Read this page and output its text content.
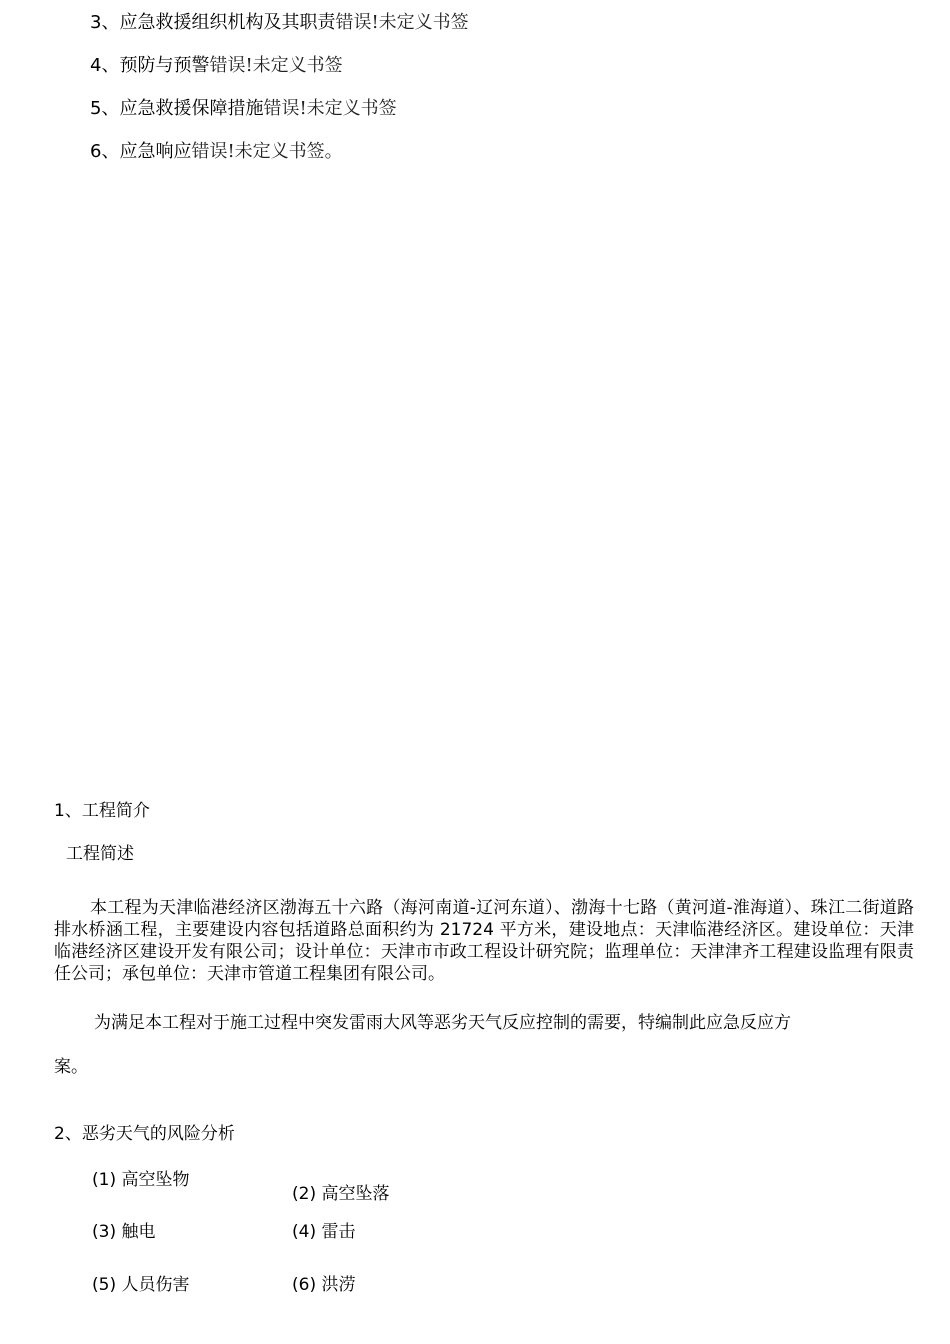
3、应急救援组织机构及其职责错误!未定义书签
4、预防与预警错误!未定义书签
5、应急救援保障措施错误!未定义书签
6、应急响应错误!未定义书签。
1、工程简介
工程简述

本工程为天津临港经济区渤海五十六路（海河南道-辽河东道）、渤海十七路（黄河道-淮海道）、珠江二街道路排水桥涵工程，主要建设内容包括道路总面积约为 21724 平方米，建设地点：天津临港经济区。建设单位：天津临港经济区建设开发有限公司；设计单位：天津市市政工程设计研究院；监理单位：天津津齐工程建设监理有限责任公司；承包单位：天津市管道工程集团有限公司。

为满足本工程对于施工过程中突发雷雨大风等恶劣天气反应控制的需要，特编制此应急反应方
案。
2、恶劣天气的风险分析
(1) 高空坠物
(2) 高空坠落
(3) 触电	(4) 雷击
(5) 人员伤害	(6) 洪涝
